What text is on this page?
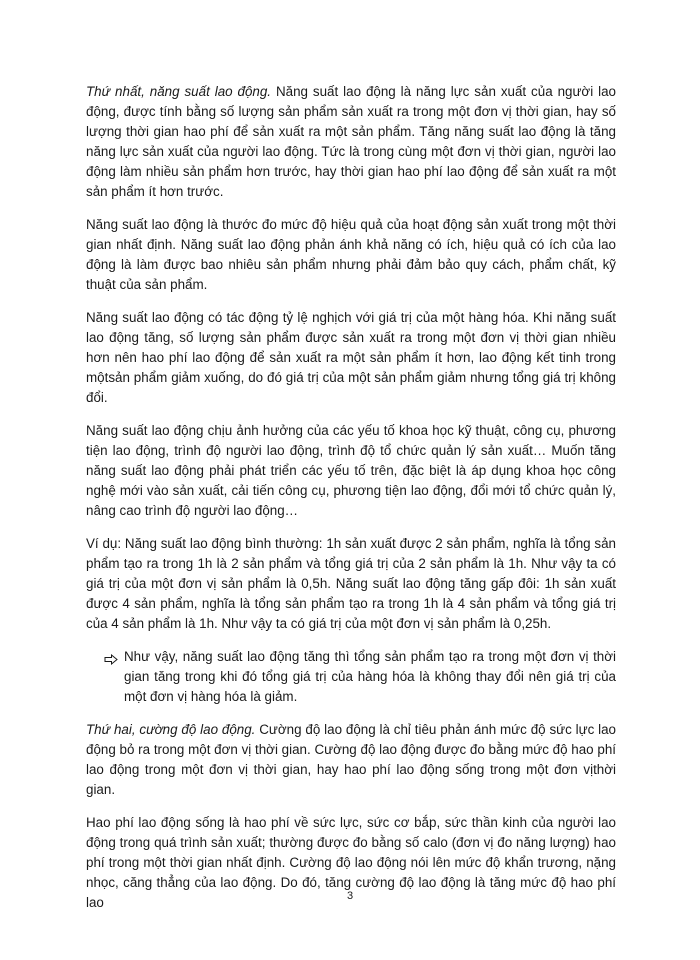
Thứ nhất, năng suất lao động. Năng suất lao động là năng lực sản xuất của người lao động, được tính bằng số lượng sản phẩm sản xuất ra trong một đơn vị thời gian, hay số lượng thời gian hao phí để sản xuất ra một sản phẩm. Tăng năng suất lao động là tăng năng lực sản xuất của người lao động. Tức là trong cùng một đơn vị thời gian, người lao động làm nhiều sản phẩm hơn trước, hay thời gian hao phí lao động để sản xuất ra một sản phẩm ít hơn trước.

Năng suất lao động là thước đo mức độ hiệu quả của hoạt động sản xuất trong một thời gian nhất định. Năng suất lao động phản ánh khả năng có ích, hiệu quả có ích của lao động là làm được bao nhiêu sản phẩm nhưng phải đảm bảo quy cách, phẩm chất, kỹ thuật của sản phẩm.

Năng suất lao động có tác động tỷ lệ nghịch với giá trị của một hàng hóa. Khi năng suất lao động tăng, số lượng sản phẩm được sản xuất ra trong một đơn vị thời gian nhiều hơn nên hao phí lao động để sản xuất ra một sản phẩm ít hơn, lao động kết tinh trong mộtsản phẩm giảm xuống, do đó giá trị của một sản phẩm giảm nhưng tổng giá trị không đổi.

Năng suất lao động chịu ảnh hưởng của các yếu tố khoa học kỹ thuật, công cụ, phương tiện lao động, trình độ người lao động, trình độ tổ chức quản lý sản xuất… Muốn tăng năng suất lao động phải phát triển các yếu tố trên, đặc biệt là áp dụng khoa học công nghệ mới vào sản xuất, cải tiến công cụ, phương tiện lao động, đổi mới tổ chức quản lý, nâng cao trình độ người lao động…

Ví dụ: Năng suất lao động bình thường: 1h sản xuất được 2 sản phẩm, nghĩa là tổng sản phẩm tạo ra trong 1h là 2 sản phẩm và tổng giá trị của 2 sản phẩm là 1h. Như vậy ta có giá trị của một đơn vị sản phẩm là 0,5h. Năng suất lao động tăng gấp đôi: 1h sản xuất được 4 sản phẩm, nghĩa là tổng sản phẩm tạo ra trong 1h là 4 sản phẩm và tổng giá trị của 4 sản phẩm là 1h. Như vậy ta có giá trị của một đơn vị sản phẩm là 0,25h.

Như vậy, năng suất lao động tăng thì tổng sản phẩm tạo ra trong một đơn vị thời gian tăng trong khi đó tổng giá trị của hàng hóa là không thay đổi nên giá trị của một đơn vị hàng hóa là giảm.

Thứ hai, cường độ lao động. Cường độ lao động là chỉ tiêu phản ánh mức độ sức lực lao động bỏ ra trong một đơn vị thời gian. Cường độ lao động được đo bằng mức độ hao phí lao động trong một đơn vị thời gian, hay hao phí lao động sống trong một đơn vịthời gian.

Hao phí lao động sống là hao phí về sức lực, sức cơ bắp, sức thần kinh của người lao động trong quá trình sản xuất; thường được đo bằng số calo (đơn vị đo năng lượng) hao phí trong một thời gian nhất định. Cường độ lao động nói lên mức độ khẩn trương, nặng nhọc, căng thẳng của lao động. Do đó, tăng cường độ lao động là tăng mức độ hao phí lao	3
